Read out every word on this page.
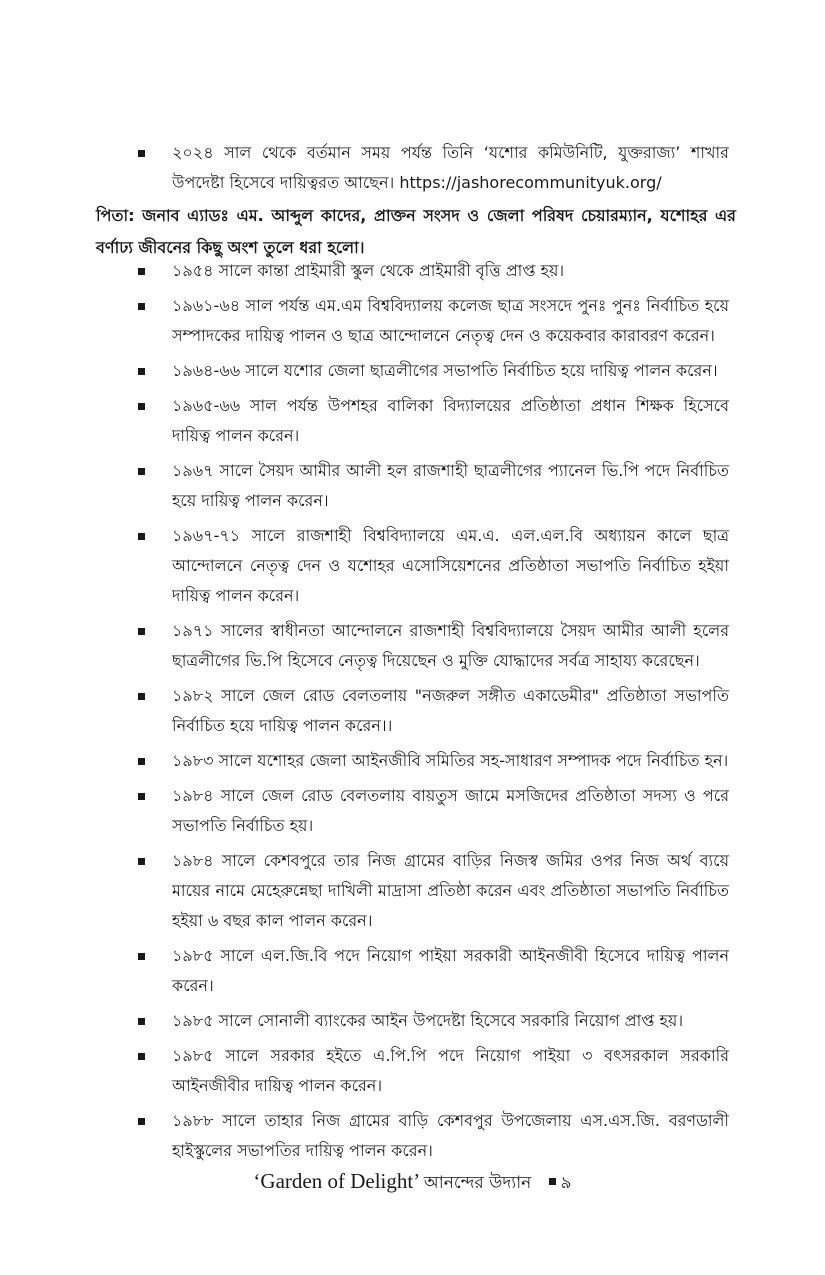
২০২৪ সাল থেকে বর্তমান সময় পর্যন্ত তিনি ‘যশোর কমিউনিটি, যুক্তরাজ্য’ শাখার উপদেষ্টা হিসেবে দায়িত্বরত আছেন। https://jashorecommunityuk.org/
পিতা: জনাব এ্যাডঃ এম. আব্দুল কাদের, প্রাক্তন সংসদ ও জেলা পরিষদ চেয়ারম্যান, যশোহর এর বর্ণাঢ্য জীবনের কিছু অংশ তুলে ধরা হলো।
১৯৫৪ সালে কান্তা প্রাইমারী স্কুল থেকে প্রাইমারী বৃত্তি প্রাপ্ত হয়।
১৯৬১-৬৪ সাল পর্যন্ত এম.এম বিশ্ববিদ্যালয় কলেজ ছাত্র সংসদে পুনঃ পুনঃ নির্বাচিত হয়ে সম্পাদকের দায়িত্ব পালন ও ছাত্র আন্দোলনে নেতৃত্ব দেন ও কয়েকবার কারাবরণ করেন।
১৯৬৪-৬৬ সালে যশোর জেলা ছাত্রলীগের সভাপতি নির্বাচিত হয়ে দায়িত্ব পালন করেন।
১৯৬৫-৬৬ সাল পর্যন্ত উপশহর বালিকা বিদ্যালয়ের প্রতিষ্ঠাতা প্রধান শিক্ষক হিসেবে দায়িত্ব পালন করেন।
১৯৬৭ সালে সৈয়দ আমীর আলী হল রাজশাহী ছাত্রলীগের প্যানেল ভি.পি পদে নির্বাচিত হয়ে দায়িত্ব পালন করেন।
১৯৬৭-৭১ সালে রাজশাহী বিশ্ববিদ্যালয়ে এম.এ. এল.এল.বি অধ্যায়ন কালে ছাত্র আন্দোলনে নেতৃত্ব দেন ও যশোহর এসোসিয়েশনের প্রতিষ্ঠাতা সভাপতি নির্বাচিত হইয়া দায়িত্ব পালন করেন।
১৯৭১ সালের স্বাধীনতা আন্দোলনে রাজশাহী বিশ্ববিদ্যালয়ে সৈয়দ আমীর আলী হলের ছাত্রলীগের ভি.পি হিসেবে নেতৃত্ব দিয়েছেন ও মুক্তি যোদ্ধাদের সর্বত্র সাহায্য করেছেন।
১৯৮২ সালে জেল রোড বেলতলায় "নজরুল সঙ্গীত একাডেমীর" প্রতিষ্ঠাতা সভাপতি নির্বাচিত হয়ে দায়িত্ব পালন করেন।।
১৯৮৩ সালে যশোহর জেলা আইনজীবি সমিতির সহ-সাধারণ সম্পাদক পদে নির্বাচিত হন।
১৯৮৪ সালে জেল রোড বেলতলায় বায়তুস জামে মসজিদের প্রতিষ্ঠাতা সদস্য ও পরে সভাপতি নির্বাচিত হয়।
১৯৮৪ সালে কেশবপুরে তার নিজ গ্রামের বাড়ির নিজস্ব জমির ওপর নিজ অর্থ ব্যয়ে মায়ের নামে মেহেরুন্নেছা দাখিলী মাদ্রাসা প্রতিষ্ঠা করেন এবং প্রতিষ্ঠাতা সভাপতি নির্বাচিত হইয়া ৬ বছর কাল পালন করেন।
১৯৮৫ সালে এল.জি.বি পদে নিয়োগ পাইয়া সরকারী আইনজীবী হিসেবে দায়িত্ব পালন করেন।
১৯৮৫ সালে সোনালী ব্যাংকের আইন উপদেষ্টা হিসেবে সরকারি নিয়োগ প্রাপ্ত হয়।
১৯৮৫ সালে সরকার হইতে এ.পি.পি পদে নিয়োগ পাইয়া ৩ বৎসরকাল সরকারি আইনজীবীর দায়িত্ব পালন করেন।
১৯৮৮ সালে তাহার নিজ গ্রামের বাড়ি কেশবপুর উপজেলায় এস.এস.জি. বরণডালী হাইস্কুলের সভাপতির দায়িত্ব পালন করেন।
‘Garden of Delight’ আনন্দের উদ্যান ৯
